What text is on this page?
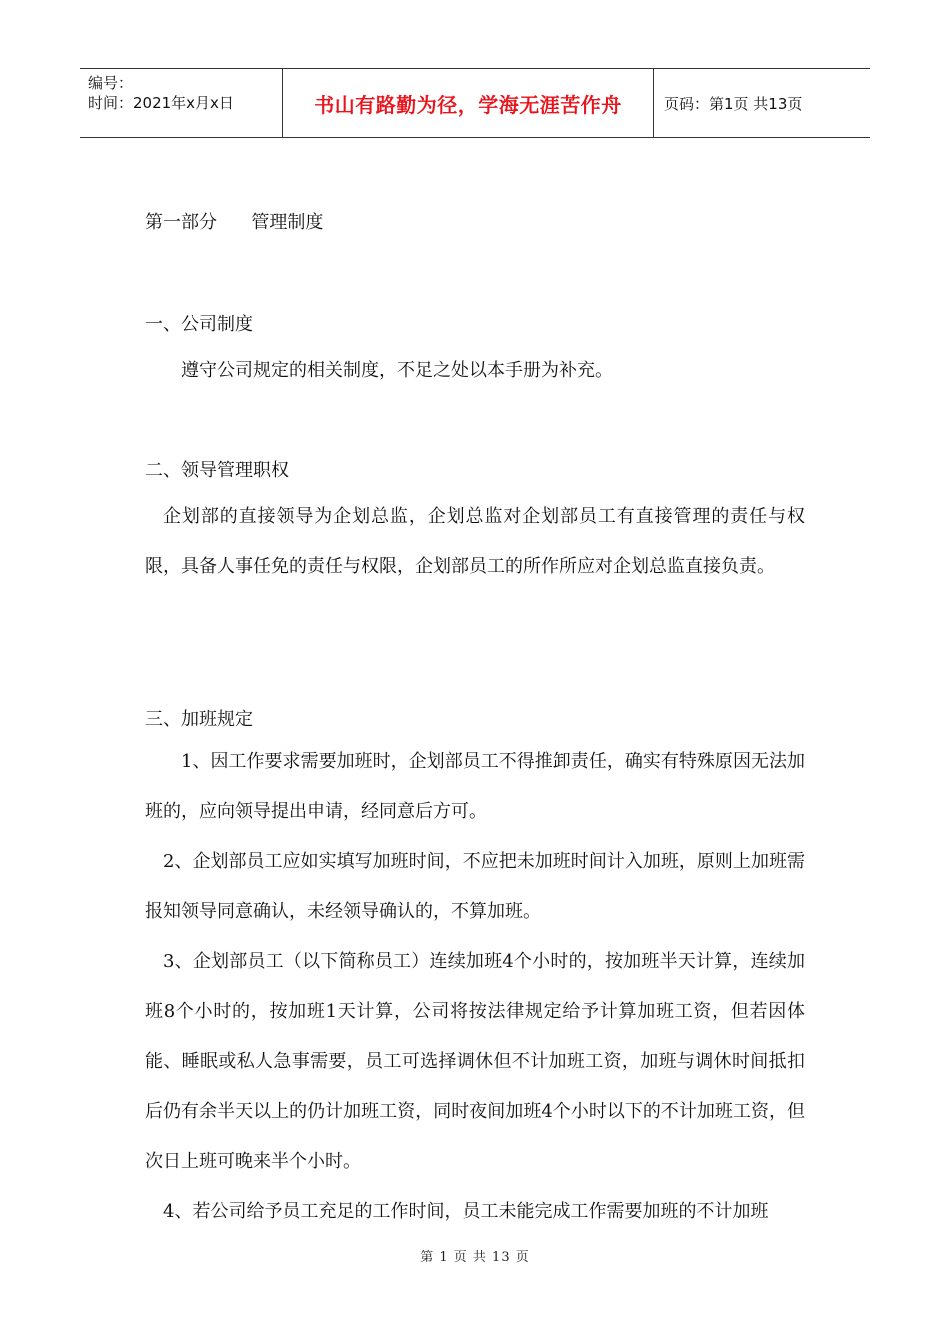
编号：
时间：2021年x月x日	书山有路勤为径，学海无涯苦作舟	页码：第1页 共13页
第一部分      管理制度
一、公司制度
遵守公司规定的相关制度，不足之处以本手册为补充。
二、领导管理职权
企划部的直接领导为企划总监，企划总监对企划部员工有直接管理的责任与权限，具备人事任免的责任与权限，企划部员工的所作所应对企划总监直接负责。
三、加班规定
1、因工作要求需要加班时，企划部员工不得推卸责任，确实有特殊原因无法加班的，应向领导提出申请，经同意后方可。
2、企划部员工应如实填写加班时间，不应把未加班时间计入加班，原则上加班需报知领导同意确认，未经领导确认的，不算加班。
3、企划部员工（以下简称员工）连续加班4个小时的，按加班半天计算，连续加班8个小时的，按加班1天计算，公司将按法律规定给予计算加班工资，但若因体能、睡眠或私人急事需要，员工可选择调休但不计加班工资，加班与调休时间抵扣后仍有余半天以上的仍计加班工资，同时夜间加班4个小时以下的不计加班工资，但次日上班可晚来半个小时。
4、若公司给予员工充足的工作时间，员工未能完成工作需要加班的不计加班
第 1 页 共 13 页
